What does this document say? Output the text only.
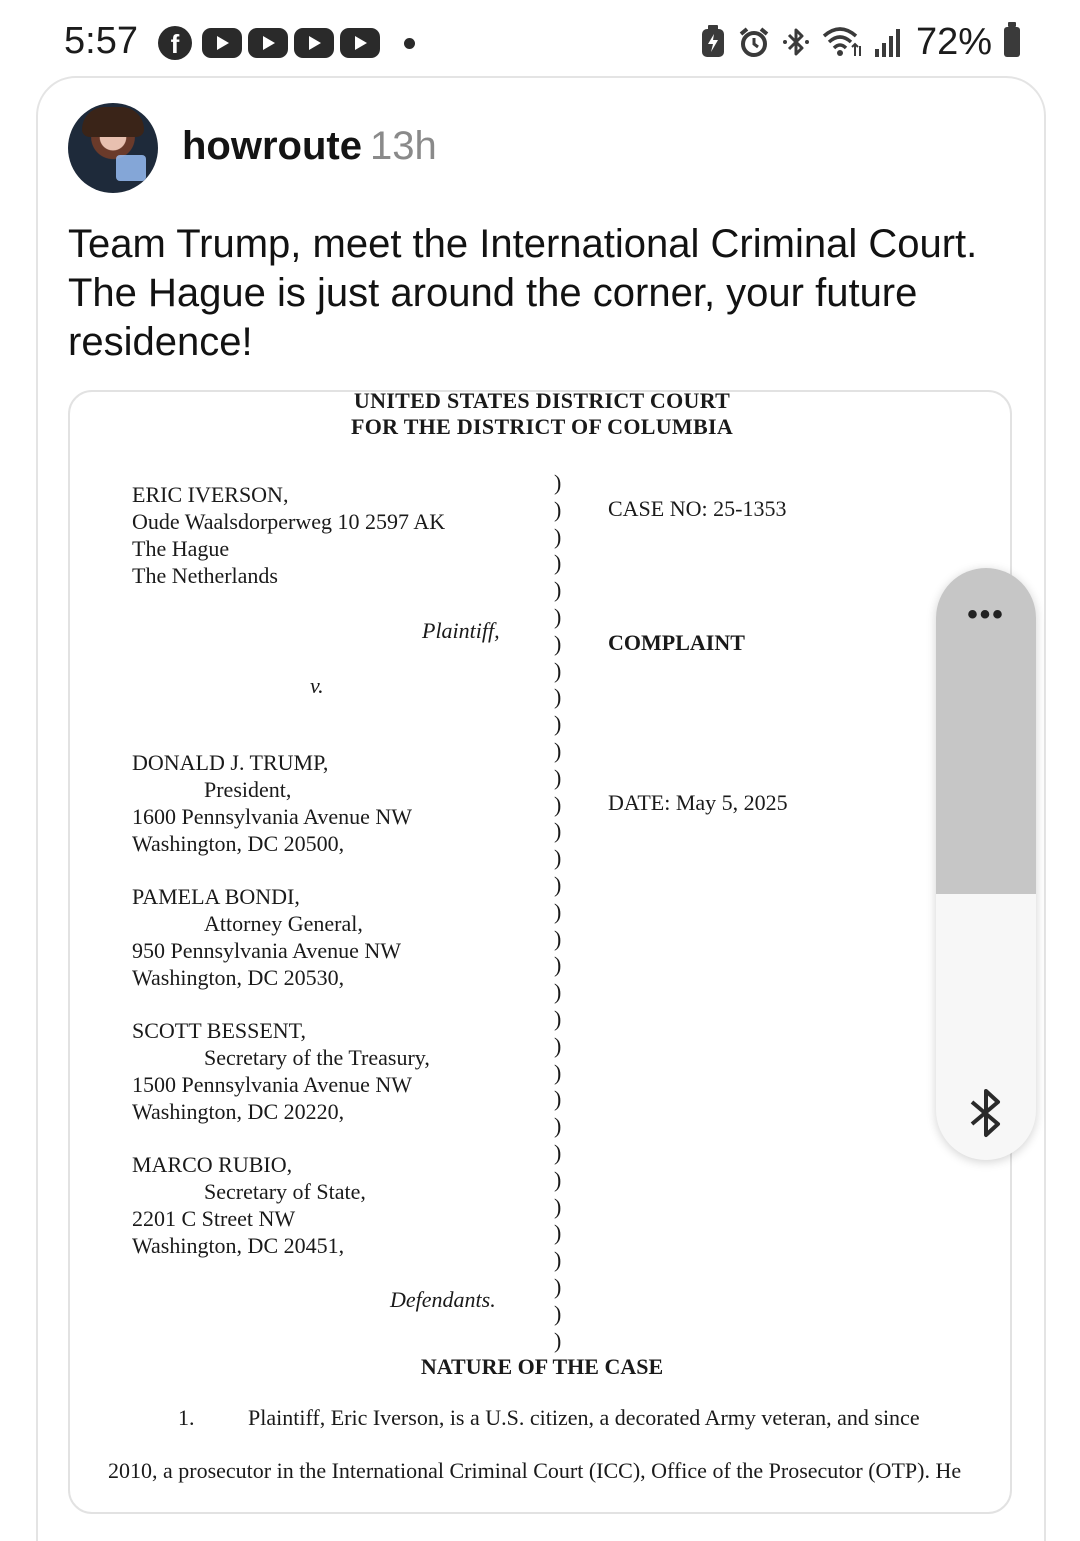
5:57	f	72%
howroute 13h

Team Trump, meet the International Criminal Court. The Hague is just around the corner, your future residence!

UNITED STATES DISTRICT COURT
FOR THE DISTRICT OF COLUMBIA
ERIC IVERSON,
Oude Waalsdorperweg 10 2597 AK
The Hague
The Netherlands
Plaintiff,
v.
DONALD J. TRUMP,
President,
1600 Pennsylvania Avenue NW
Washington, DC 20500,
PAMELA BONDI,
Attorney General,
950 Pennsylvania Avenue NW
Washington, DC 20530,
SCOTT BESSENT,
Secretary of the Treasury,
1500 Pennsylvania Avenue NW
Washington, DC 20220,
MARCO RUBIO,
Secretary of State,
2201 C Street NW
Washington, DC 20451,
Defendants.
)
)
)
)
)
)
)
)
)
)
)
)
)
)
)
)
)
)
)
)
)
)
)
)
)
)
)
)
)
)
)
)
)
CASE NO: 25-1353
COMPLAINT
DATE: May 5, 2025
NATURE OF THE CASE
1. Plaintiff, Eric Iverson, is a U.S. citizen, a decorated Army veteran, and since
2010, a prosecutor in the International Criminal Court (ICC), Office of the Prosecutor (OTP). He
•••
